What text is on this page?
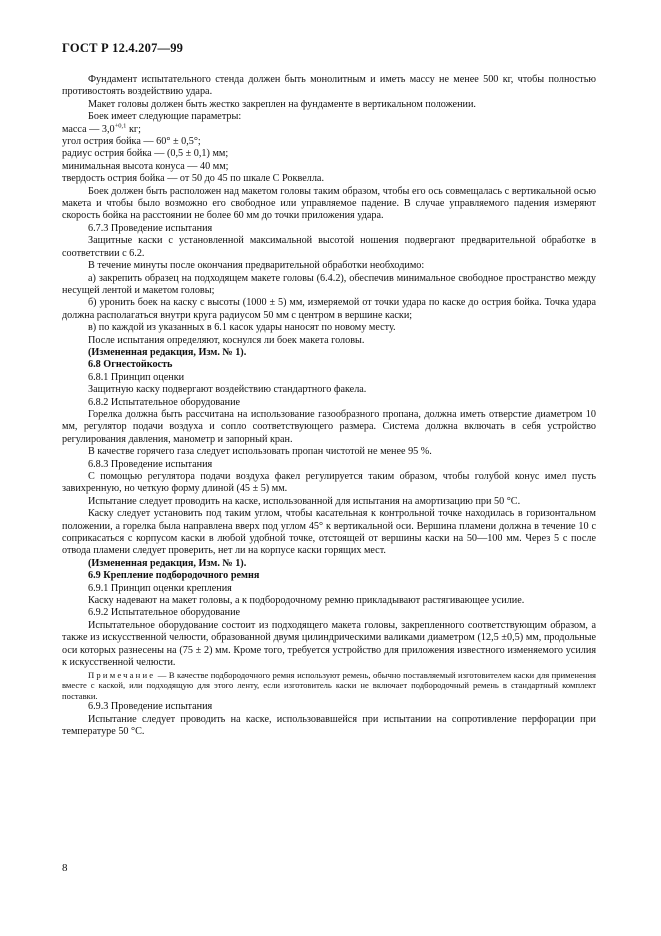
ГОСТ Р 12.4.207—99

Фундамент испытательного стенда должен быть монолитным и иметь массу не менее 500 кг, чтобы полностью противостоять воздействию удара.

Макет головы должен быть жестко закреплен на фундаменте в вертикальном положении.

Боек имеет следующие параметры:

масса — $3,0^{+0,1}$ кг;

угол острия бойка — 60° ± 0,5°;

радиус острия бойка — (0,5 ± 0,1) мм;

минимальная высота конуса — 40 мм;

твердость острия бойка — от 50 до 45 по шкале С Роквелла.

Боек должен быть расположен над макетом головы таким образом, чтобы его ось совмещалась с вертикальной осью макета и чтобы было возможно его свободное или управляемое падение. В случае управляемого падения измеряют скорость бойка на расстоянии не более 60 мм до точки приложения удара.

6.7.3 Проведение испытания

Защитные каски с установленной максимальной высотой ношения подвергают предварительной обработке в соответствии с 6.2.

В течение минуты после окончания предварительной обработки необходимо:

а) закрепить образец на подходящем макете головы (6.4.2), обеспечив минимальное свободное пространство между несущей лентой и макетом головы;

б) уронить боек на каску с высоты (1000 ± 5) мм, измеряемой от точки удара по каске до острия бойка. Точка удара должна располагаться внутри круга радиусом 50 мм с центром в вершине каски;

в) по каждой из указанных в 6.1 касок удары наносят по новому месту.

После испытания определяют, коснулся ли боек макета головы.

(Измененная редакция, Изм. № 1).

6.8 Огнестойкость

6.8.1 Принцип оценки

Защитную каску подвергают воздействию стандартного факела.

6.8.2 Испытательное оборудование

Горелка должна быть рассчитана на использование газообразного пропана, должна иметь отверстие диаметром 10 мм, регулятор подачи воздуха и сопло соответствующего размера. Система должна включать в себя устройство регулирования давления, манометр и запорный кран.

В качестве горячего газа следует использовать пропан чистотой не менее 95 %.

6.8.3 Проведение испытания

С помощью регулятора подачи воздуха факел регулируется таким образом, чтобы голубой конус имел пусть завихренную, но четкую форму длиной (45 ± 5) мм.

Испытание следует проводить на каске, использованной для испытания на амортизацию при 50 °С.

Каску следует установить под таким углом, чтобы касательная к контрольной точке находилась в горизонтальном положении, а горелка была направлена вверх под углом 45° к вертикальной оси. Вершина пламени должна в течение 10 с соприкасаться с корпусом каски в любой удобной точке, отстоящей от вершины каски на 50—100 мм. Через 5 с после отвода пламени следует проверить, нет ли на корпусе каски горящих мест.

(Измененная редакция, Изм. № 1).

6.9 Крепление подбородочного ремня

6.9.1 Принцип оценки крепления

Каску надевают на макет головы, а к подбородочному ремню прикладывают растягивающее усилие.

6.9.2 Испытательное оборудование

Испытательное оборудование состоит из подходящего макета головы, закрепленного соответствующим образом, а также из искусственной челюсти, образованной двумя цилиндрическими валиками диаметром (12,5 ±0,5) мм, продольные оси которых разнесены на (75 ± 2) мм. Кроме того, требуется устройство для приложения известного изменяемого усилия к искусственной челюсти.

Примечание — В качестве подбородочного ремня используют ремень, обычно поставляемый изготовителем каски для применения вместе с каской, или подходящую для этого ленту, если изготовитель каски не включает подбородочный ремень в стандартный комплект поставки.

6.9.3 Проведение испытания

Испытание следует проводить на каске, использовавшейся при испытании на сопротивление перфорации при температуре 50 °С.

8
